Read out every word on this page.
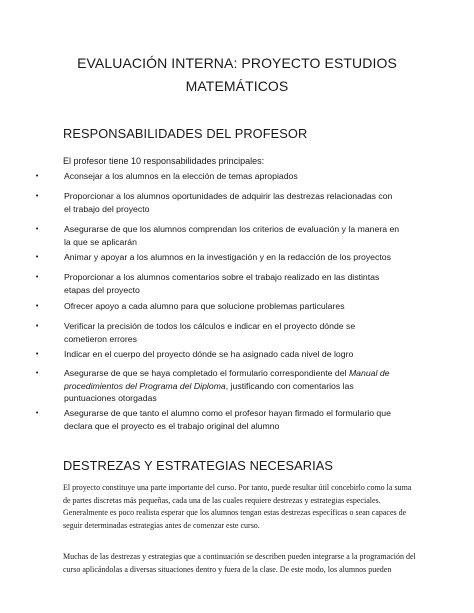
EVALUACIÓN INTERNA: PROYECTO ESTUDIOS
MATEMÁTICOS
RESPONSABILIDADES DEL PROFESOR
El profesor tiene 10 responsabilidades principales:
•	Aconsejar a los alumnos en la elección de temas apropiados
•	Proporcionar a los alumnos oportunidades de adquirir las destrezas relacionadas con
el trabajo del proyecto
•	Asegurarse de que los alumnos comprendan los criterios de evaluación y la manera en
la que se aplicarán
•	Animar y apoyar a los alumnos en la investigación y en la redacción de los proyectos
•	Proporcionar a los alumnos comentarios sobre el trabajo realizado en las distintas
etapas del proyecto
•	Ofrecer apoyo a cada alumno para que solucione problemas particulares
•	Verificar la precisión de todos los cálculos e indicar en el proyecto dónde se
cometieron errores
•	Indicar en el cuerpo del proyecto dónde se ha asignado cada nivel de logro
•	Asegurarse de que se haya completado el formulario correspondiente del Manual de
procedimientos del Programa del Diploma, justificando con comentarios las
puntuaciones otorgadas
•	Asegurarse de que tanto el alumno como el profesor hayan firmado el formulario que
declara que el proyecto es el trabajo original del alumno
DESTREZAS Y ESTRATEGIAS NECESARIAS
El proyecto constituye una parte importante del curso. Por tanto, puede resultar útil concebirlo como la suma
de partes discretas más pequeñas, cada una de las cuales requiere destrezas y estrategias especiales.
Generalmente es poco realista esperar que los alumnos tengan estas destrezas específicas o sean capaces de
seguir determinadas estrategias antes de comenzar este curso.
Muchas de las destrezas y estrategias que a continuación se describen pueden integrarse a la programación del
curso aplicándolas a diversas situaciones dentro y fuera de la clase. De este modo, los alumnos pueden
